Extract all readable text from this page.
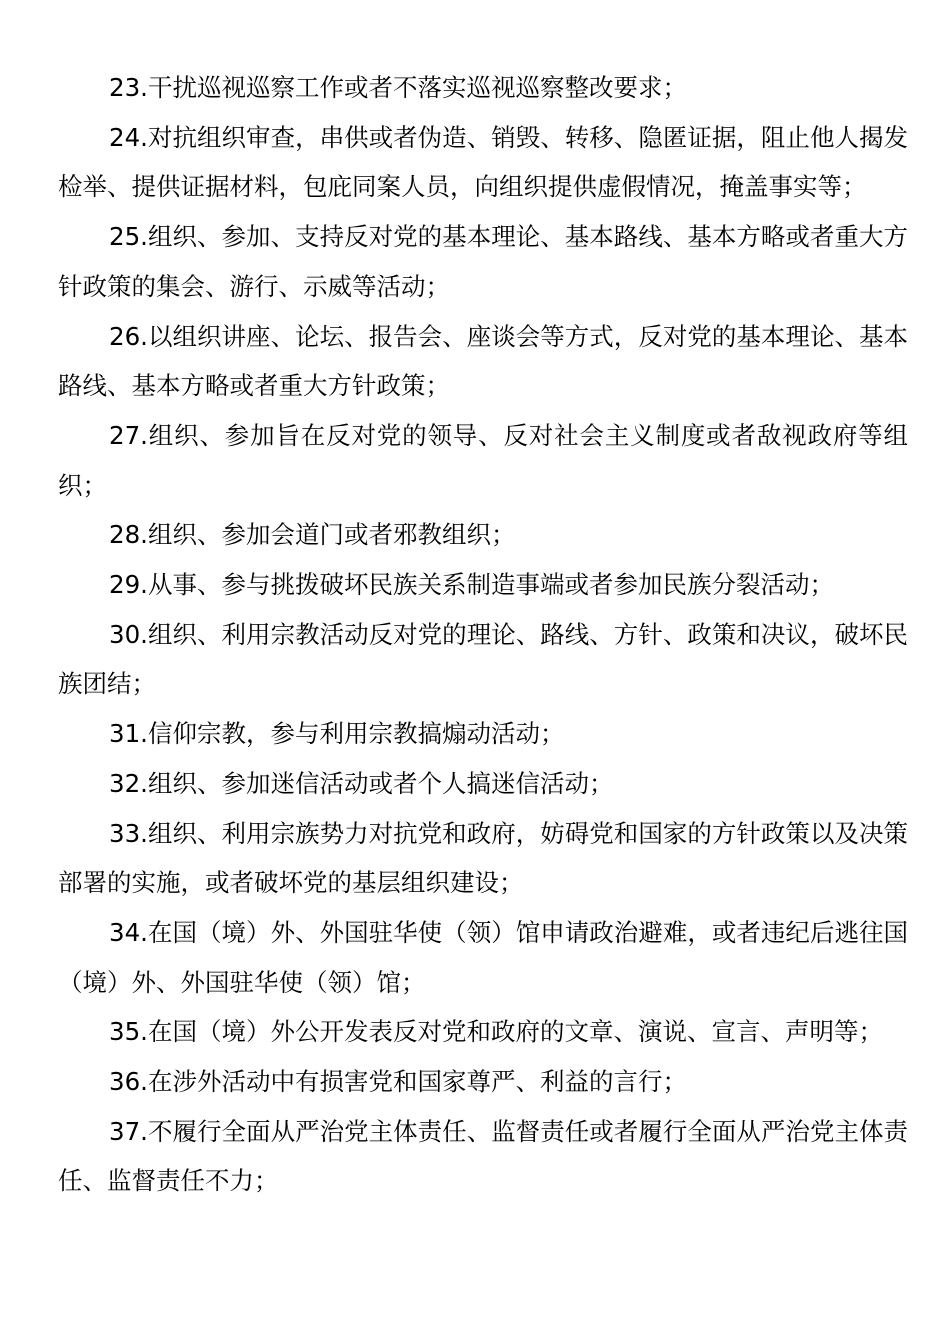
23.干扰巡视巡察工作或者不落实巡视巡察整改要求；

24.对抗组织审查，串供或者伪造、销毁、转移、隐匿证据，阻止他人揭发检举、提供证据材料，包庇同案人员，向组织提供虚假情况，掩盖事实等；

25.组织、参加、支持反对党的基本理论、基本路线、基本方略或者重大方针政策的集会、游行、示威等活动；

26.以组织讲座、论坛、报告会、座谈会等方式，反对党的基本理论、基本路线、基本方略或者重大方针政策；

27.组织、参加旨在反对党的领导、反对社会主义制度或者敌视政府等组织；

28.组织、参加会道门或者邪教组织；

29.从事、参与挑拨破坏民族关系制造事端或者参加民族分裂活动；

30.组织、利用宗教活动反对党的理论、路线、方针、政策和决议，破坏民族团结；

31.信仰宗教，参与利用宗教搞煽动活动；

32.组织、参加迷信活动或者个人搞迷信活动；

33.组织、利用宗族势力对抗党和政府，妨碍党和国家的方针政策以及决策部署的实施，或者破坏党的基层组织建设；

34.在国（境）外、外国驻华使（领）馆申请政治避难，或者违纪后逃往国（境）外、外国驻华使（领）馆；

35.在国（境）外公开发表反对党和政府的文章、演说、宣言、声明等；

36.在涉外活动中有损害党和国家尊严、利益的言行；

37.不履行全面从严治党主体责任、监督责任或者履行全面从严治党主体责任、监督责任不力；
